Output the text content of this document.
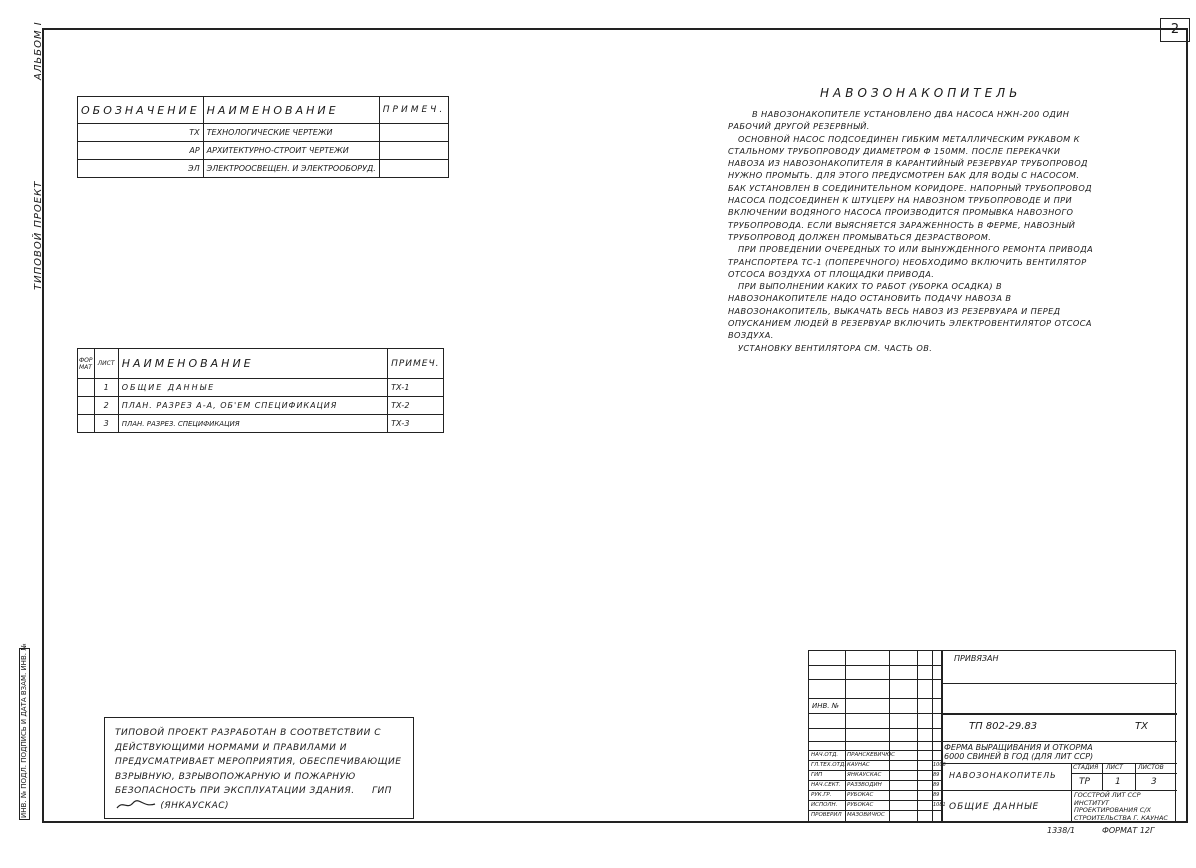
2
АЛЬБОМ I
ТИПОВОЙ ПРОЕКТ
ИНВ. № ПОДЛ. ПОДПИСЬ И ДАТА ВЗАМ. ИНВ. №
ОБОЗНАЧЕНИЕ	НАИМЕНОВАНИЕ	ПРИМЕЧ.
ТХ	ТЕХНОЛОГИЧЕСКИЕ ЧЕРТЕЖИ	
АР	АРХИТЕКТУРНО-СТРОИТ ЧЕРТЕЖИ	
ЭЛ	ЭЛЕКТРООСВЕЩЕН. И ЭЛЕКТРООБОРУД.	
ФОР МАТ	ЛИСТ	НАИМЕНОВАНИЕ	ПРИМЕЧ.
	1	ОБЩИЕ ДАННЫЕ	ТХ-1
	2	ПЛАН. РАЗРЕЗ А-А, ОБ'ЕМ СПЕЦИФИКАЦИЯ	ТХ-2
	3	ПЛАН. РАЗРЕЗ. СПЕЦИФИКАЦИЯ	ТХ-3
НАВОЗОНАКОПИТЕЛЬ

В НАВОЗОНАКОПИТЕЛЕ УСТАНОВЛЕНО ДВА НАСОСА НЖН-200 ОДИН РАБОЧИЙ ДРУГОЙ РЕЗЕРВНЫЙ.

ОСНОВНОЙ НАСОС ПОДСОЕДИНЕН ГИБКИМ МЕТАЛЛИЧЕСКИМ РУКАВОМ К СТАЛЬНОМУ ТРУБОПРОВОДУ ДИАМЕТРОМ Ф 150ММ. ПОСЛЕ ПЕРЕКАЧКИ НАВОЗА ИЗ НАВОЗОНАКОПИТЕЛЯ В КАРАНТИЙНЫЙ РЕЗЕРВУАР ТРУБОПРОВОД НУЖНО ПРОМЫТЬ. ДЛЯ ЭТОГО ПРЕДУСМОТРЕН БАК ДЛЯ ВОДЫ С НАСОСОМ. БАК УСТАНОВЛЕН В СОЕДИНИТЕЛЬНОМ КОРИДОРЕ. НАПОРНЫЙ ТРУБОПРОВОД НАСОСА ПОДСОЕДИНЕН К ШТУЦЕРУ НА НАВОЗНОМ ТРУБОПРОВОДЕ И ПРИ ВКЛЮЧЕНИИ ВОДЯНОГО НАСОСА ПРОИЗВОДИТСЯ ПРОМЫВКА НАВОЗНОГО ТРУБОПРОВОДА. ЕСЛИ ВЫЯСНЯЕТСЯ ЗАРАЖЕННОСТЬ В ФЕРМЕ, НАВОЗНЫЙ ТРУБОПРОВОД ДОЛЖЕН ПРОМЫВАТЬСЯ ДЕЗРАСТВОРОМ.

ПРИ ПРОВЕДЕНИИ ОЧЕРЕДНЫХ ТО ИЛИ ВЫНУЖДЕННОГО РЕМОНТА ПРИВОДА ТРАНСПОРТЕРА ТС-1 (ПОПЕРЕЧНОГО) НЕОБХОДИМО ВКЛЮЧИТЬ ВЕНТИЛЯТОР ОТСОСА ВОЗДУХА ОТ ПЛОЩАДКИ ПРИВОДА.

ПРИ ВЫПОЛНЕНИИ КАКИХ ТО РАБОТ (УБОРКА ОСАДКА) В НАВОЗОНАКОПИТЕЛЕ НАДО ОСТАНОВИТЬ ПОДАЧУ НАВОЗА В НАВОЗОНАКОПИТЕЛЬ, ВЫКАЧАТЬ ВЕСЬ НАВОЗ ИЗ РЕЗЕРВУАРА И ПЕРЕД ОПУСКАНИЕМ ЛЮДЕЙ В РЕЗЕРВУАР ВКЛЮЧИТЬ ЭЛЕКТРОВЕНТИЛЯТОР ОТСОСА ВОЗДУХА.

УСТАНОВКУ ВЕНТИЛЯТОРА СМ. ЧАСТЬ ОВ.

ТИПОВОЙ ПРОЕКТ РАЗРАБОТАН В СООТВЕТСТВИИ С ДЕЙСТВУЮЩИМИ НОРМАМИ И ПРАВИЛАМИ И ПРЕДУСМАТРИВАЕТ МЕРОПРИЯТИЯ, ОБЕСПЕЧИВАЮЩИЕ ВЗРЫВНУЮ, ВЗРЫВОПОЖАРНУЮ И ПОЖАРНУЮ БЕЗОПАСНОСТЬ ПРИ ЭКСПЛУАТАЦИИ ЗДАНИЯ. ГИП  (ЯНКАУСКАС)
ПРИВЯЗАН
ИНВ. №
ТП 802-29.83	ТХ
ФЕРМА ВЫРАЩИВАНИЯ И ОТКОРМА
6000 СВИНЕЙ В ГОД (ДЛЯ ЛИТ ССР)
НАВОЗОНАКОПИТЕЛЬ
ОБЩИЕ ДАННЫЕ
СТАДИЯ ЛИСТ	ЛИСТОВ
ТР	1	3
ГОССТРОЙ ЛИТ ССР ИНСТИТУТ ПРОЕКТИРОВАНИЯ С/Х СТРОИТЕЛЬСТВА Г. КАУНАС
НАЧ.ОТД. ПРАНСКЕВИЧЮС
ГЛ.ТЕХ.ОТД. КАУНАС	1006
ГИП	ЯНКАУСКАС	89
НАЧ.СЕКТ. РАЗЗВОДИН	89
РУК.ГР.	РУБОКАС	89
ИСПОЛН. РУБОКАС	1081
ПРОВЕРИЛ МАЗОВИЧЮС
1338/1	ФОРМАТ 12Г
